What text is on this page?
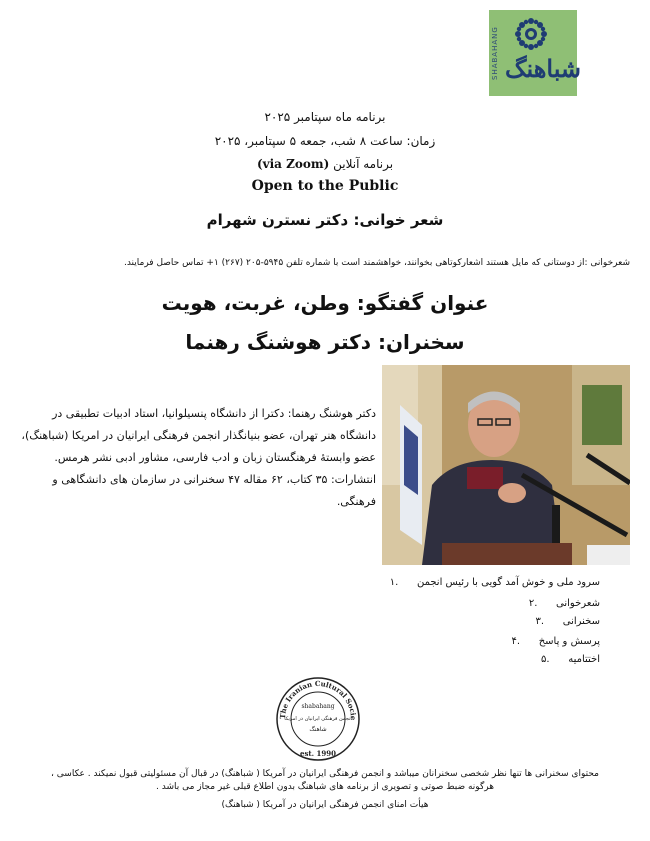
SHABAHANG شباهنگ
برنامه ماه سپتامبر ۲۰۲۵
زمان: ساعت ۸ شب، جمعه ۵ سپتامبر، ۲۰۲۵
(via Zoom) برنامه آنلاین
Open to the Public
شعر خوانی: دکتر نسترن شهرام
شعرخوانی :از دوستانی که مایل هستند اشعارکوتاهی بخوانند، خواهشمند است با شماره تلفن ۵۹۴۵-۲۰۵ (۲۶۷) ۱+ تماس حاصل فرمایند.
عنوان گفتگو: وطن، غربت، هویت
سخنران: دکتر هوشنگ رهنما
دکتر هوشنگ رهنما: دکترا از دانشگاه پنسیلوانیا، استاد ادبیات تطبیقی در
دانشگاه هنر تهران، عضو بنیانگذار انجمن فرهنگی ایرانیان در امریکا (شباهنگ)،
عضو وابستهٔ فرهنگستان زبان و ادب فارسی، مشاور ادبی نشر هرمس.
انتشارات: ۳۵ کتاب، ۶۲ مقاله ۴۷ سخنرانی در سازمان های دانشگاهی و
فرهنگی.
سرود ملی و خوش آمد گویی با رئیس انجمن .۱
شعرخوانی .۲
سخنرانی .۳
پرسش و پاسخ .۴
اختتامیه .۵
The Iranian Cultural Socie
shabahang
انجمن فرهنگی ایرانیان در امریکا
شاهنگ
est. 1990
محتوای سخنرانی ها تنها نظر شخصی سخنرانان میباشد و انجمن فرهنگی ایرانیان در آمریکا ( شباهنگ) در قبال آن مسئولیتی قبول نمیکند . عکاسی ،
هرگونه ضبط صوتی و تصویری از برنامه های شباهنگ بدون اطلاع قبلی غیر مجاز می باشد .
هیأت امنای انجمن فرهنگی ایرانیان در آمریکا ( شباهنگ)
